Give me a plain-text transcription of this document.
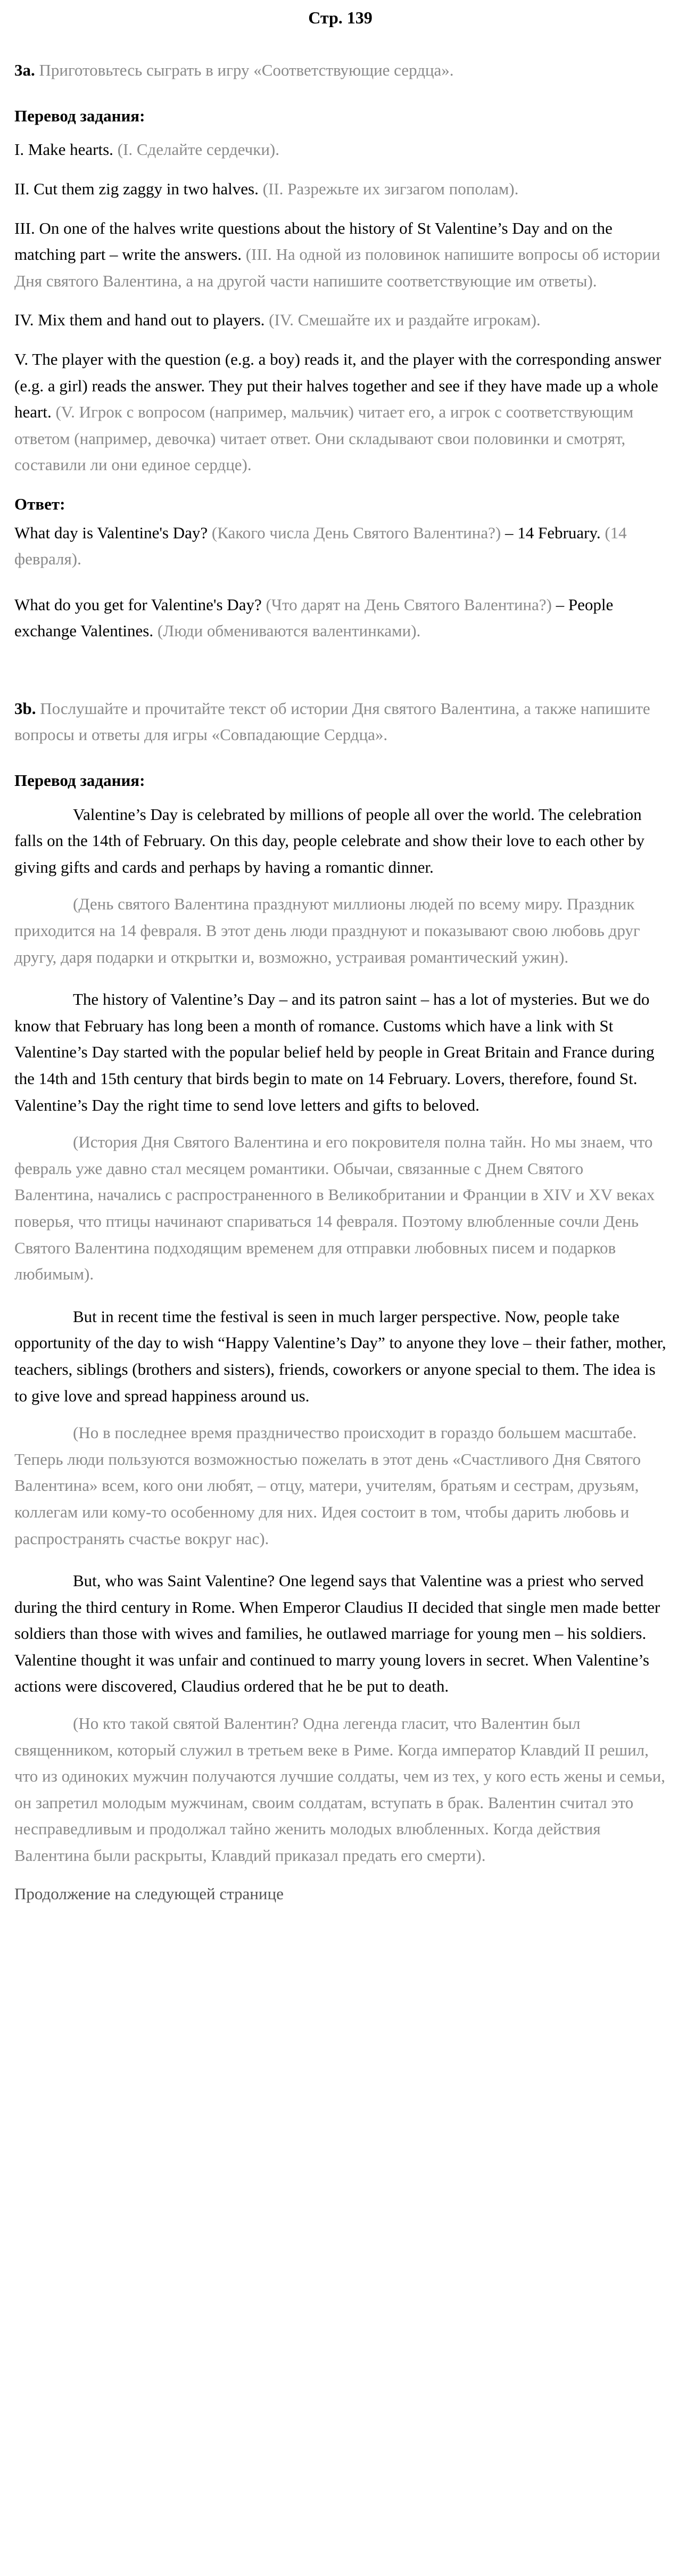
Стр. 139

3a. Приготовьтесь сыграть в игру «Соответствующие сердца».

Перевод задания:

I. Make hearts. (I. Сделайте сердечки).

II. Cut them zig zaggy in two halves. (II. Разрежьте их зигзагом пополам).

III. On one of the halves write questions about the history of St Valentine’s Day and on the matching part – write the answers. (III. На одной из половинок напишите вопросы об истории Дня святого Валентина, а на другой части напишите соответствующие им ответы).

IV. Mix them and hand out to players. (IV. Смешайте их и раздайте игрокам).

V. The player with the question (e.g. a boy) reads it, and the player with the corresponding answer (e.g. a girl) reads the answer. They put their halves together and see if they have made up a whole heart. (V. Игрок с вопросом (например, мальчик) читает его, а игрок с соответствующим ответом (например, девочка) читает ответ. Они складывают свои половинки и смотрят, составили ли они единое сердце).

Ответ:

What day is Valentine's Day? (Какого числа День Святого Валентина?) – 14 February. (14 февраля).

What do you get for Valentine's Day? (Что дарят на День Святого Валентина?) – People exchange Valentines. (Люди обмениваются валентинками).

3b. Послушайте и прочитайте текст об истории Дня святого Валентина, а также напишите вопросы и ответы для игры «Совпадающие Сердца».

Перевод задания:

Valentine’s Day is celebrated by millions of people all over the world. The celebration falls on the 14th of February. On this day, people celebrate and show their love to each other by giving gifts and cards and perhaps by having a romantic dinner.

(День святого Валентина празднуют миллионы людей по всему миру. Праздник приходится на 14 февраля. В этот день люди празднуют и показывают свою любовь друг другу, даря подарки и открытки и, возможно, устраивая романтический ужин).

The history of Valentine’s Day – and its patron saint – has a lot of mysteries. But we do know that February has long been a month of romance. Customs which have a link with St Valentine’s Day started with the popular belief held by people in Great Britain and France during the 14th and 15th century that birds begin to mate on 14 February. Lovers, therefore, found St. Valentine’s Day the right time to send love letters and gifts to beloved.

(История Дня Святого Валентина и его покровителя полна тайн. Но мы знаем, что февраль уже давно стал месяцем романтики. Обычаи, связанные с Днем Святого Валентина, начались с распространенного в Великобритании и Франции в XIV и XV веках поверья, что птицы начинают спариваться 14 февраля. Поэтому влюбленные сочли День Святого Валентина подходящим временем для отправки любовных писем и подарков любимым).

But in recent time the festival is seen in much larger perspective. Now, people take opportunity of the day to wish “Happy Valentine’s Day” to anyone they love – their father, mother, teachers, siblings (brothers and sisters), friends, coworkers or anyone special to them. The idea is to give love and spread happiness around us.

(Но в последнее время праздничество происходит в гораздо большем масштабе. Теперь люди пользуются возможностью пожелать в этот день «Счастливого Дня Святого Валентина» всем, кого они любят, – отцу, матери, учителям, братьям и сестрам, друзьям, коллегам или кому-то особенному для них. Идея состоит в том, чтобы дарить любовь и распространять счастье вокруг нас).

But, who was Saint Valentine? One legend says that Valentine was a priest who served during the third century in Rome. When Emperor Claudius II decided that single men made better soldiers than those with wives and families, he outlawed marriage for young men – his soldiers. Valentine thought it was unfair and continued to marry young lovers in secret. When Valentine’s actions were discovered, Claudius ordered that he be put to death.

(Но кто такой святой Валентин? Одна легенда гласит, что Валентин был священником, который служил в третьем веке в Риме. Когда император Клавдий II решил, что из одиноких мужчин получаются лучшие солдаты, чем из тех, у кого есть жены и семьи, он запретил молодым мужчинам, своим солдатам, вступать в брак. Валентин считал это несправедливым и продолжал тайно женить молодых влюбленных. Когда действия Валентина были раскрыты, Клавдий приказал предать его смерти).

Продолжение на следующей странице
